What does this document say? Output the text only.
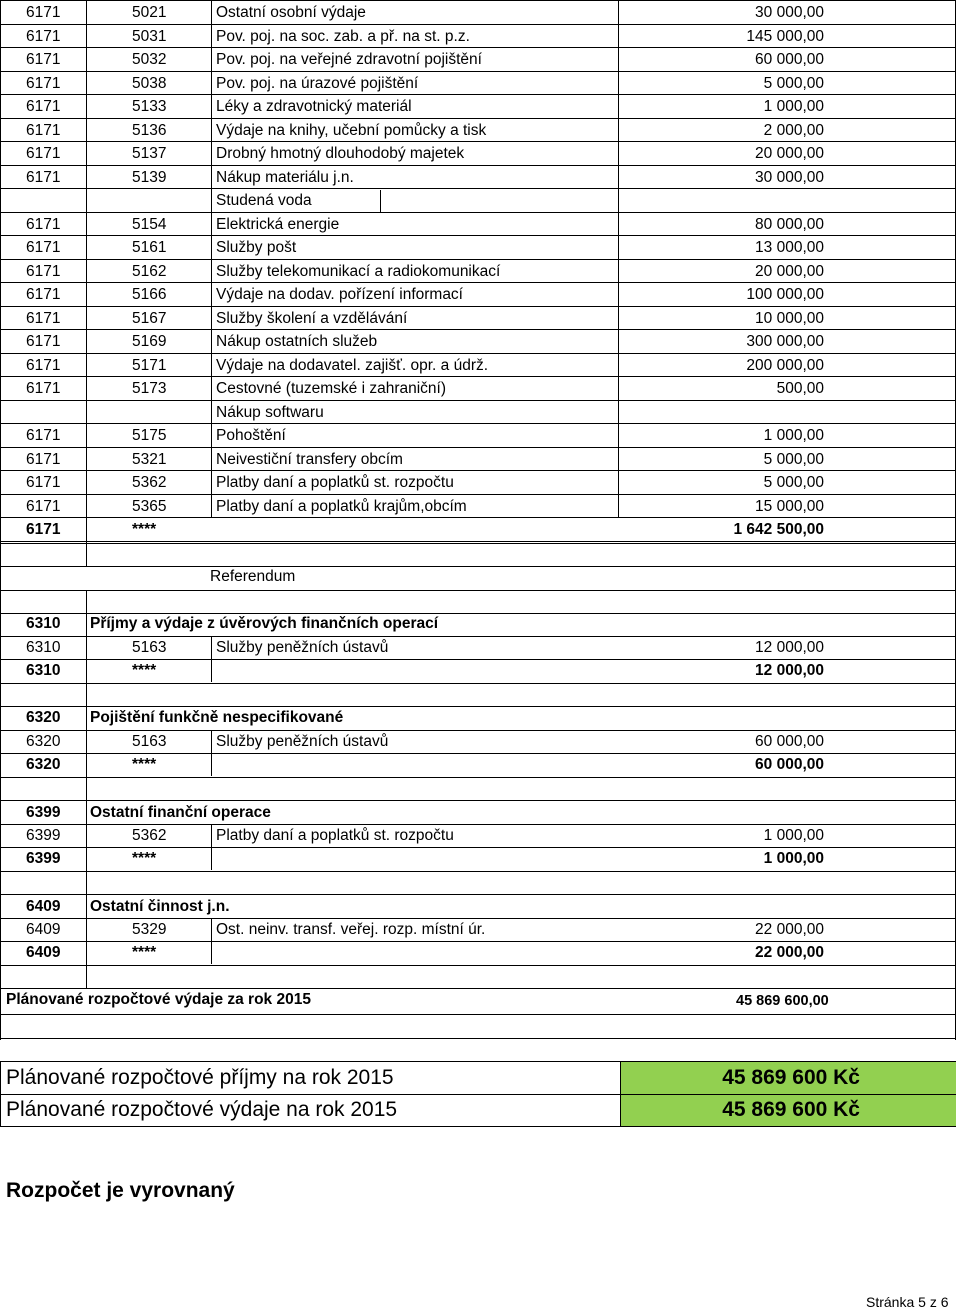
6171	5021	Ostatní osobní výdaje	30 000,00
6171	5031	Pov. poj. na soc. zab. a př. na st. p.z.	145 000,00
6171	5032	Pov. poj. na veřejné zdravotní pojištění	60 000,00
6171	5038	Pov. poj. na úrazové pojištění	5 000,00
6171	5133	Léky a zdravotnický materiál	1 000,00
6171	5136	Výdaje na knihy, učební pomůcky a tisk	2 000,00
6171	5137	Drobný hmotný dlouhodobý majetek	20 000,00
6171	5139	Nákup materiálu j.n.	30 000,00
Studená voda
6171	5154	Elektrická energie	80 000,00
6171	5161	Služby pošt	13 000,00
6171	5162	Služby telekomunikací a radiokomunikací	20 000,00
6171	5166	Výdaje na dodav. pořízení informací	100 000,00
6171	5167	Služby školení a vzdělávání	10 000,00
6171	5169	Nákup ostatních služeb	300 000,00
6171	5171	Výdaje na dodavatel. zajišť. opr. a údrž.	200 000,00
6171	5173	Cestovné (tuzemské i zahraniční)	500,00
Nákup softwaru
6171	5175	Pohoštění	1 000,00
6171	5321	Neivestiční transfery obcím	5 000,00
6171	5362	Platby daní a poplatků st. rozpočtu	5 000,00
6171	5365	Platby daní a poplatků krajům,obcím	15 000,00
6171	****	1 642 500,00
Referendum
6310 Příjmy a výdaje z úvěrových finančních operací
6310	5163	Služby peněžních ústavů	12 000,00
6310	****	12 000,00
6320 Pojištění funkčně nespecifikované
6320	5163	Služby peněžních ústavů	60 000,00
6320	****	60 000,00
6399 Ostatní finanční operace
6399	5362	Platby daní a poplatků st. rozpočtu	1 000,00
6399	****	1 000,00
6409 Ostatní činnost j.n.
6409	5329	Ost. neinv. transf. veřej. rozp. místní úr.	22 000,00
6409	****	22 000,00
Plánované rozpočtové výdaje za rok 2015	45 869 600,00
Plánované rozpočtové příjmy na rok 2015	45 869 600 Kč
Plánované rozpočtové výdaje na rok 2015	45 869 600 Kč
Rozpočet je vyrovnaný
Stránka 5 z 6
